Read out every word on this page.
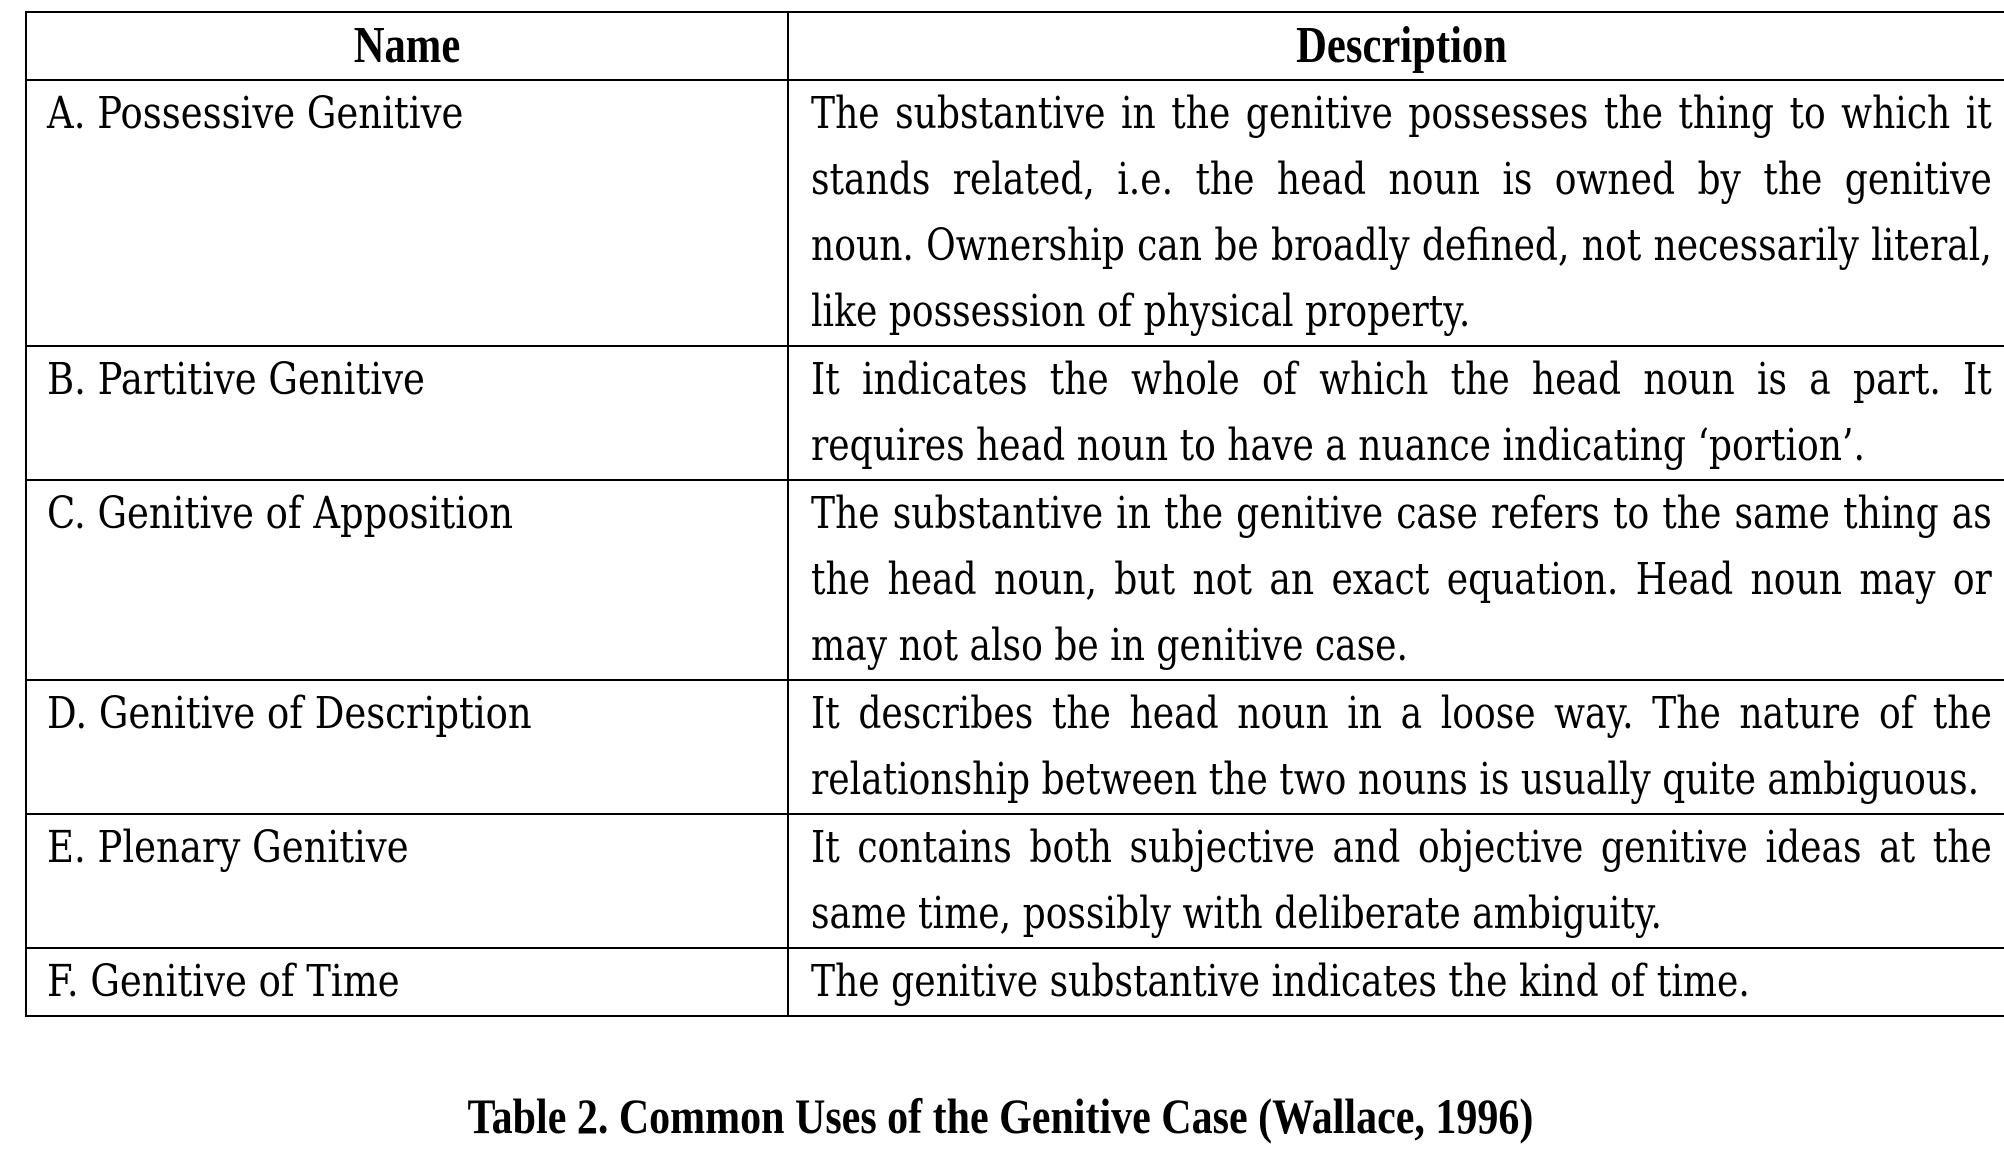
Name	Description
A. Possessive Genitive	The substantive in the genitive possesses the thing to which it stands related, i.e. the head noun is owned by the genitive noun. Ownership can be broadly defined, not necessarily literal, like possession of physical property.

B. Partitive Genitive	It indicates the whole of which the head noun is a part. It requires head noun to have a nuance indicating ‘portion’.

C. Genitive of Apposition	The substantive in the genitive case refers to the same thing as the head noun, but not an exact equation. Head noun may or may not also be in genitive case.

D. Genitive of Description	It describes the head noun in a loose way. The nature of the relationship between the two nouns is usually quite ambiguous.

E. Plenary Genitive	It contains both subjective and objective genitive ideas at the same time, possibly with deliberate ambiguity.

F. Genitive of Time	The genitive substantive indicates the kind of time.
Table 2. Common Uses of the Genitive Case (Wallace, 1996)
